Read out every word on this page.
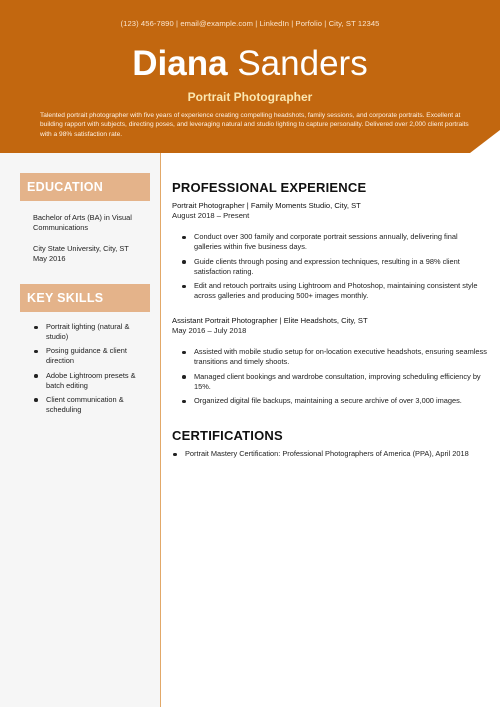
(123) 456-7890 | email@example.com | LinkedIn | Porfolio | City, ST 12345
Diana Sanders
Portrait Photographer
Talented portrait photographer with five years of experience creating compelling headshots, family sessions, and corporate portraits. Excellent at building rapport with subjects, directing poses, and leveraging natural and studio lighting to capture personality. Delivered over 2,000 client portraits with a 98% satisfaction rate.
EDUCATION
Bachelor of Arts (BA) in Visual Communications
City State University, City, ST
May 2016
KEY SKILLS
Portrait lighting (natural & studio)
Posing guidance & client direction
Adobe Lightroom presets & batch editing
Client communication & scheduling
PROFESSIONAL EXPERIENCE
Portrait Photographer | Family Moments Studio, City, ST
August 2018 – Present
Conduct over 300 family and corporate portrait sessions annually, delivering final galleries within five business days.
Guide clients through posing and expression techniques, resulting in a 98% client satisfaction rating.
Edit and retouch portraits using Lightroom and Photoshop, maintaining consistent style across galleries and producing 500+ images monthly.
Assistant Portrait Photographer | Elite Headshots, City, ST
May 2016 – July 2018
Assisted with mobile studio setup for on-location executive headshots, ensuring seamless transitions and timely shoots.
Managed client bookings and wardrobe consultation, improving scheduling efficiency by 15%.
Organized digital file backups, maintaining a secure archive of over 3,000 images.
CERTIFICATIONS
Portrait Mastery Certification: Professional Photographers of America (PPA), April 2018
